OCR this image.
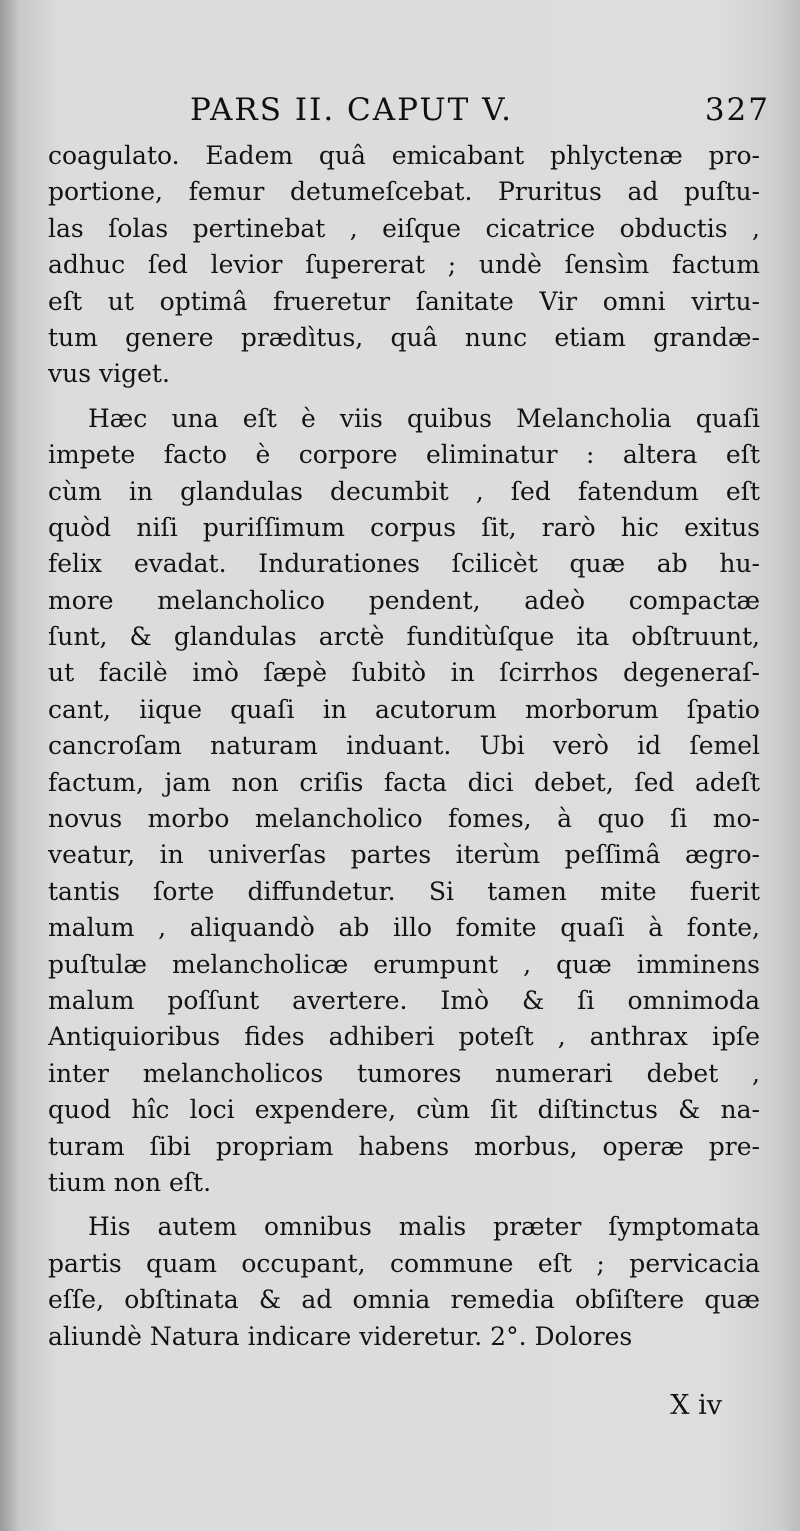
PARS II. CAPUT V.	327
coagulato. Eadem quâ emicabant phlyctenæ pro-
portione, femur detumeſcebat. Pruritus ad puſtu-
las ſolas pertinebat , eiſque cicatrice obductis ,
adhuc ſed levior ſupererat ; undè ſensìm factum
eſt ut optimâ frueretur ſanitate Vir omni virtu-
tum genere prædìtus, quâ nunc etiam grandæ-
vus viget.
Hæc una eſt è viis quibus Melancholia quaſi
impete facto è corpore eliminatur : altera eſt
cùm in glandulas decumbit , ſed fatendum eſt
quòd niſi puriſſimum corpus ſit, rarò hic exitus
felix evadat. Indurationes ſcilicèt quæ ab hu-
more melancholico pendent, adeò compactæ
ſunt, & glandulas arctè funditùſque ita obſtruunt,
ut facilè imò ſæpè ſubitò in ſcirrhos degeneraſ-
cant, iique quaſi in acutorum morborum ſpatio
cancroſam naturam induant. Ubi verò id ſemel
factum, jam non criſis facta dici debet, ſed adeſt
novus morbo melancholico fomes, à quo ſi mo-
veatur, in univerſas partes iterùm peſſimâ ægro-
tantis ſorte diffundetur. Si tamen mite fuerit
malum , aliquandò ab illo fomite quaſi à fonte,
puſtulæ melancholicæ erumpunt , quæ imminens
malum poſſunt avertere. Imò & ſi omnimoda
Antiquioribus fides adhiberi poteſt , anthrax ipſe
inter melancholicos tumores numerari debet ,
quod hîc loci expendere, cùm ſit diſtinctus & na-
turam ſibi propriam habens morbus, operæ pre-
tium non eſt.
His autem omnibus malis præter ſymptomata
partis quam occupant, commune eſt ; pervicacia
eſſe, obſtinata & ad omnia remedia obſiſtere quæ
aliundè Natura indicare videretur. 2°. Dolores
X iv
